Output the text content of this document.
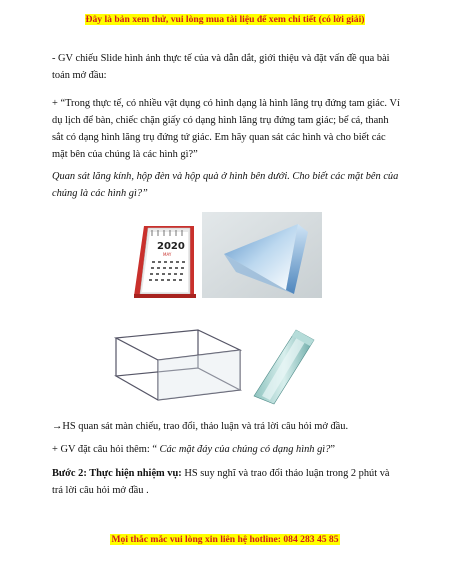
Đây là bản xem thử, vui lòng mua tài liệu để xem chi tiết (có lời giải)
- GV chiếu Slide hình ảnh thực tế của và dẫn dắt, giới thiệu và đặt vấn đề qua bài toán mở đầu:
+ “Trong thực tế, có nhiều vật dụng có hình dạng là hình lăng trụ đứng tam giác. Ví dụ lịch để bàn, chiếc chặn giấy có dạng hình lăng trụ đứng tam giác; bể cá, thanh sắt có dạng hình lăng trụ đứng tứ giác. Em hãy quan sát các hình và cho biết các mặt bên của chúng là các hình gì?”
Quan sát lăng kính, hộp đèn và hộp quà ở hình bên dưới. Cho biết các mặt bên của chúng là các hình gì?”
2020
MAY
→HS quan sát màn chiếu, trao đổi, thảo luận và trả lời câu hỏi mở đầu.
+ GV đặt câu hỏi thêm: “ Các mặt đáy của chúng có dạng hình gì?”
Bước 2: Thực hiện nhiệm vụ: HS suy nghĩ và trao đổi thảo luận trong 2 phút và trả lời câu hỏi mở đầu .
Mọi thắc mắc vui lòng xin liên hệ hotline: 084 283 45 85
